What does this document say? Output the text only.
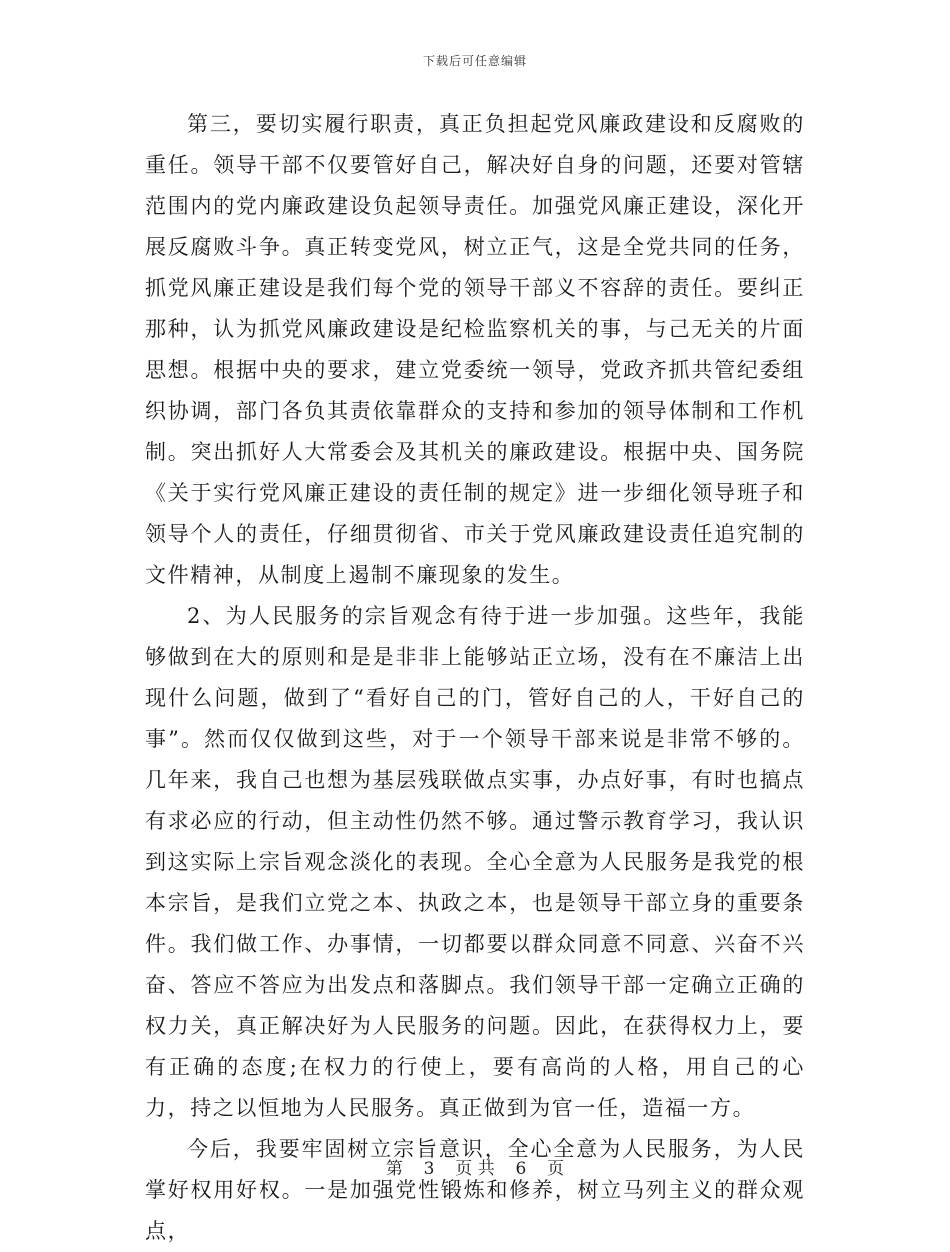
下载后可任意编辑

第三，要切实履行职责，真正负担起党风廉政建设和反腐败的重任。领导干部不仅要管好自己，解决好自身的问题，还要对管辖范围内的党内廉政建设负起领导责任。加强党风廉正建设，深化开展反腐败斗争。真正转变党风，树立正气，这是全党共同的任务，抓党风廉正建设是我们每个党的领导干部义不容辞的责任。要纠正那种，认为抓党风廉政建设是纪检监察机关的事，与己无关的片面思想。根据中央的要求，建立党委统一领导，党政齐抓共管纪委组织协调，部门各负其责依靠群众的支持和参加的领导体制和工作机制。突出抓好人大常委会及其机关的廉政建设。根据中央、国务院《关于实行党风廉正建设的责任制的规定》进一步细化领导班子和领导个人的责任，仔细贯彻省、市关于党风廉政建设责任追究制的文件精神，从制度上遏制不廉现象的发生。

2、为人民服务的宗旨观念有待于进一步加强。这些年，我能够做到在大的原则和是是非非上能够站正立场，没有在不廉洁上出现什么问题，做到了“看好自己的门，管好自己的人，干好自己的事”。然而仅仅做到这些，对于一个领导干部来说是非常不够的。几年来，我自己也想为基层残联做点实事，办点好事，有时也搞点有求必应的行动，但主动性仍然不够。通过警示教育学习，我认识到这实际上宗旨观念淡化的表现。全心全意为人民服务是我党的根本宗旨，是我们立党之本、执政之本，也是领导干部立身的重要条件。我们做工作、办事情，一切都要以群众同意不同意、兴奋不兴奋、答应不答应为出发点和落脚点。我们领导干部一定确立正确的权力关，真正解决好为人民服务的问题。因此，在获得权力上，要有正确的态度;在权力的行使上，要有高尚的人格，用自己的心力，持之以恒地为人民服务。真正做到为官一任，造福一方。

今后，我要牢固树立宗旨意识，全心全意为人民服务，为人民掌好权用好权。一是加强党性锻炼和修养，树立马列主义的群众观点，

第 3 页 共 6 页
